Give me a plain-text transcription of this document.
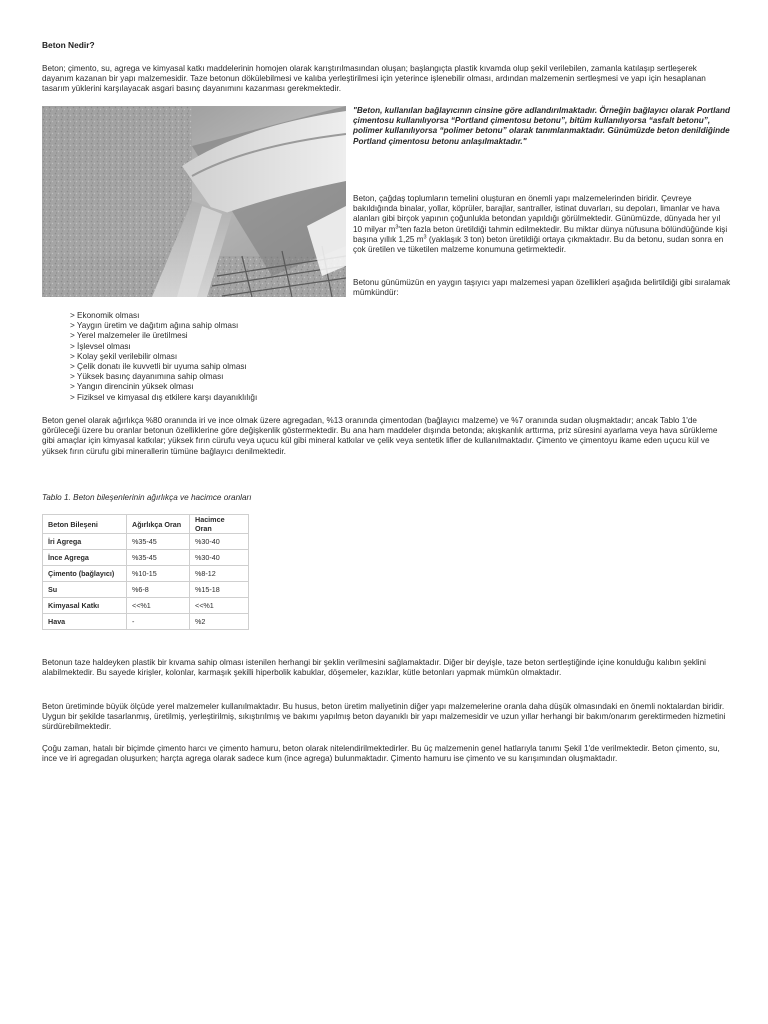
Beton Nedir?

Beton; çimento, su, agrega ve kimyasal katkı maddelerinin homojen olarak karıştırılmasından oluşan; başlangıçta plastik kıvamda olup şekil verilebilen, zamanla katılaşıp sertleşerek dayanım kazanan bir yapı malzemesidir. Taze betonun dökülebilmesi ve kalıba yerleştirilmesi için yeterince işlenebilir olması, ardından malzemenin sertleşmesi ve yapı için hesaplanan tasarım yüklerini karşılayacak asgari basınç dayanımını kazanması gerekmektedir.

"Beton, kullanılan bağlayıcının cinsine göre adlandırılmaktadır. Örneğin bağlayıcı olarak Portland çimentosu kullanılıyorsa “Portland çimentosu betonu”, bitüm kullanılıyorsa “asfalt betonu”, polimer kullanılıyorsa “polimer betonu” olarak tanımlanmaktadır. Günümüzde beton denildiğinde Portland çimentosu betonu anlaşılmaktadır."

Beton, çağdaş toplumların temelini oluşturan en önemli yapı malzemelerinden biridir. Çevreye bakıldığında binalar, yollar, köprüler, barajlar, santraller, istinat duvarları, su depoları, limanlar ve hava alanları gibi birçok yapının çoğunlukla betondan yapıldığı görülmektedir. Günümüzde, dünyada her yıl 10 milyar $m^3'ten$ fazla beton üretildiği tahmin edilmektedir. Bu miktar dünya nüfusuna bölündüğünde kişi başına yıllık 1,25 $m^3$ (yaklaşık 3 ton) beton üretildiği ortaya çıkmaktadır. Bu da betonu, sudan sonra en çok üretilen ve tüketilen malzeme konumuna getirmektedir.

Betonu günümüzün en yaygın taşıyıcı yapı malzemesi yapan özellikleri aşağıda belirtildiği gibi sıralamak mümkündür:

> Ekonomik olması
> Yaygın üretim ve dağıtım ağına sahip olması
> Yerel malzemeler ile üretilmesi
> İşlevsel olması
> Kolay şekil verilebilir olması
> Çelik donatı ile kuvvetli bir uyuma sahip olması
> Yüksek basınç dayanımına sahip olması
> Yangın direncinin yüksek olması
> Fiziksel ve kimyasal dış etkilere karşı dayanıklılığı

Beton genel olarak ağırlıkça %80 oranında iri ve ince olmak üzere agregadan, %13 oranında çimentodan (bağlayıcı malzeme) ve %7 oranında sudan oluşmaktadır; ancak Tablo 1'de görüleceği üzere bu oranlar betonun özelliklerine göre değişkenlik göstermektedir. Bu ana ham maddeler dışında betonda; akışkanlık arttırma, priz süresini ayarlama veya hava sürükleme gibi amaçlar için kimyasal katkılar; yüksek fırın cürufu veya uçucu kül gibi mineral katkılar ve çelik veya sentetik lifler de kullanılmaktadır. Çimento ve çimentoyu ikame eden uçucu kül ve yüksek fırın cürufu gibi minerallerin tümüne bağlayıcı denilmektedir.

Tablo 1. Beton bileşenlerinin ağırlıkça ve hacimce oranları

Beton Bileşeni	Ağırlıkça Oran	Hacimce Oran
İri Agrega	%35-45	%30-40
İnce Agrega	%35-45	%30-40
Çimento (bağlayıcı)	%10-15	%8-12
Su	%6-8	%15-18
Kimyasal Katkı	<<%1	<<%1
Hava	-	%2

Betonun taze haldeyken plastik bir kıvama sahip olması istenilen herhangi bir şeklin verilmesini sağlamaktadır. Diğer bir deyişle, taze beton sertleştiğinde içine konulduğu kalıbın şeklini alabilmektedir. Bu sayede kirişler, kolonlar, karmaşık şekilli hiperbolik kabuklar, döşemeler, kazıklar, kütle betonları yapmak mümkün olmaktadır.

Beton üretiminde büyük ölçüde yerel malzemeler kullanılmaktadır. Bu husus, beton üretim maliyetinin diğer yapı malzemelerine oranla daha düşük olmasındaki en önemli noktalardan biridir. Uygun bir şekilde tasarlanmış, üretilmiş, yerleştirilmiş, sıkıştırılmış ve bakımı yapılmış beton dayanıklı bir yapı malzemesidir ve uzun yıllar herhangi bir bakım/onarım gerektirmeden hizmetini sürdürebilmektedir.

Çoğu zaman, hatalı bir biçimde çimento harcı ve çimento hamuru, beton olarak nitelendirilmektedirler. Bu üç malzemenin genel hatlarıyla tanımı Şekil 1'de verilmektedir. Beton çimento, su, ince ve iri agregadan oluşurken; harçta agrega olarak sadece kum (ince agrega) bulunmaktadır. Çimento hamuru ise çimento ve su karışımından oluşmaktadır.
